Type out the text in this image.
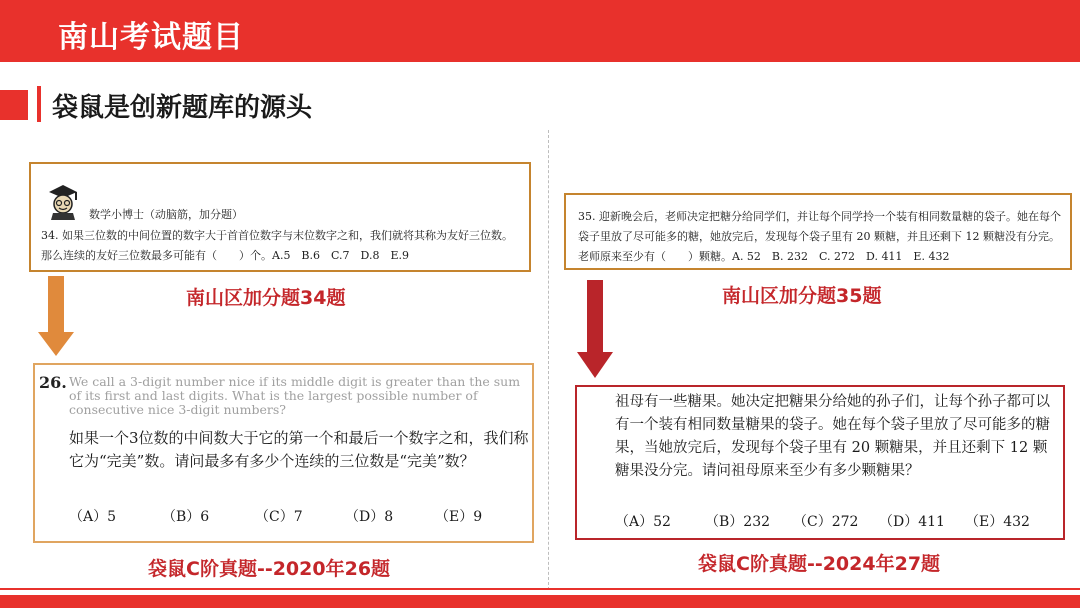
南山考试题目
袋鼠是创新题库的源头
数学小博士（动脑筋，加分题）
34. 如果三位数的中间位置的数字大于首首位数字与末位数字之和，我们就将其称为友好三位数。那么连续的友好三位数最多可能有（　　）个。A.5　B.6　C.7　D.8　E.9
南山区加分题34题
26. We call a 3-digit number nice if its middle digit is greater than the sum of its first and last digits. What is the largest possible number of consecutive nice 3-digit numbers?
如果一个3位数的中间数大于它的第一个和最后一个数字之和，我们称它为“完美”数。请问最多有多少个连续的三位数是“完美”数？
（A）5	（B）6	（C）7	（D）8	（E）9
袋鼠C阶真题--2020年26题
35. 迎新晚会后，老师决定把糖分给同学们，并让每个同学拎一个装有相同数量糖的袋子。她在每个袋子里放了尽可能多的糖，她放完后，发现每个袋子里有 20 颗糖，并且还剩下 12 颗糖没有分完。老师原来至少有（　　）颗糖。A. 52　B. 232　C. 272　D. 411　E. 432
南山区加分题35题
祖母有一些糖果。她决定把糖果分给她的孙子们，让每个孙子都可以有一个装有相同数量糖果的袋子。她在每个袋子里放了尽可能多的糖果，当她放完后，发现每个袋子里有 20 颗糖果，并且还剩下 12 颗糖果没分完。请问祖母原来至少有多少颗糖果？
（A）52 （B）232 （C）272 （D）411 （E）432
袋鼠C阶真题--2024年27题
